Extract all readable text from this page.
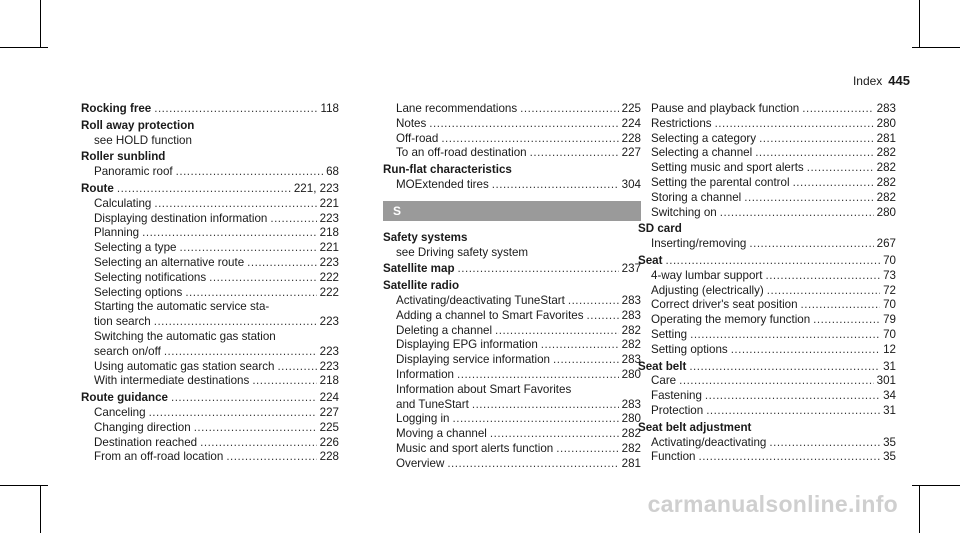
Index 445
Rocking free .....	118
Roll away protection
see HOLD function
Roller sunblind
Panoramic roof .....	68
Route .....	221, 223
Calculating .....	221
Displaying destination information .....	223
Planning .....	218
Selecting a type .....	221
Selecting an alternative route .....	223
Selecting notifications .....	222
Selecting options .....	222
Starting the automatic service sta-
tion search .....	223
Switching the automatic gas station
search on/off .....	223
Using automatic gas station search .....	223
With intermediate destinations .....	218
Route guidance .....	224
Canceling .....	227
Changing direction .....	225
Destination reached .....	226
From an off-road location .....	228
Lane recommendations .....	225
Notes .....	224
Off-road .....	228
To an off-road destination .....	227
Run-flat characteristics
MOExtended tires .....	304
S
Safety systems
see Driving safety system
Satellite map .....	237
Satellite radio
Activating/deactivating TuneStart .....	283
Adding a channel to Smart Favorites .....	283
Deleting a channel .....	282
Displaying EPG information .....	282
Displaying service information .....	283
Information .....	280
Information about Smart Favorites
and TuneStart .....	283
Logging in .....	280
Moving a channel .....	282
Music and sport alerts function .....	282
Overview .....	281
Pause and playback function .....	283
Restrictions .....	280
Selecting a category .....	281
Selecting a channel .....	282
Setting music and sport alerts .....	282
Setting the parental control .....	282
Storing a channel .....	282
Switching on .....	280
SD card
Inserting/removing .....	267
Seat .....	70
4-way lumbar support .....	73
Adjusting (electrically) .....	72
Correct driver's seat position .....	70
Operating the memory function .....	79
Setting .....	70
Setting options .....	12
Seat belt .....	31
Care .....	301
Fastening .....	34
Protection .....	31
Seat belt adjustment
Activating/deactivating .....	35
Function .....	35
carmanualsonline.info
